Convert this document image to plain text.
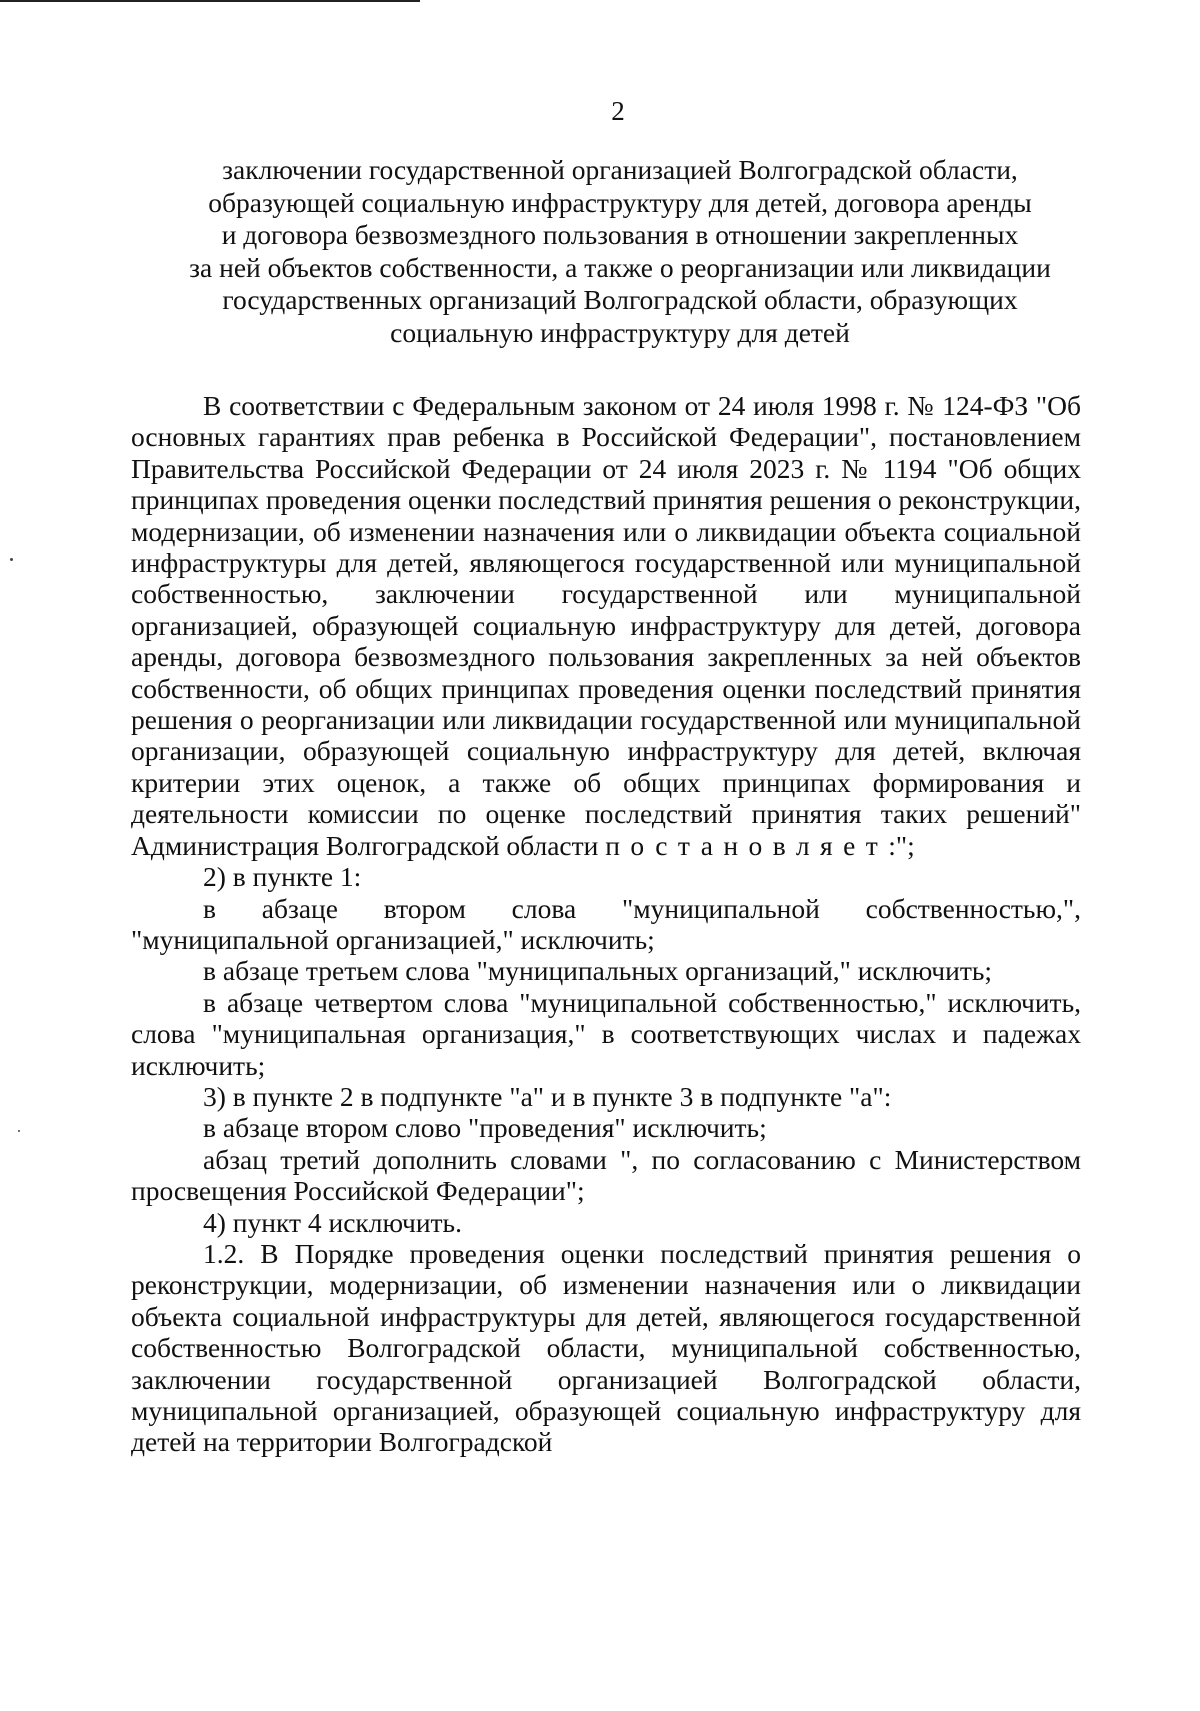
2
заключении государственной организацией Волгоградской области,
образующей социальную инфраструктуру для детей, договора аренды
и договора безвозмездного пользования в отношении закрепленных
за ней объектов собственности, а также о реорганизации или ликвидации
государственных организаций Волгоградской области, образующих
социальную инфраструктуру для детей

В соответствии с Федеральным законом от 24 июля 1998 г. № 124-ФЗ "Об основных гарантиях прав ребенка в Российской Федерации", постановлением Правительства Российской Федерации от 24 июля 2023 г. № 1194 "Об общих принципах проведения оценки последствий принятия решения о реконструкции, модернизации, об изменении назначения или о ликвидации объекта социальной инфраструктуры для детей, являющегося государственной или муниципальной собственностью, заключении государственной или муниципальной организацией, образующей социальную инфраструктуру для детей, договора аренды, договора безвозмездного пользования закрепленных за ней объектов собственности, об общих принципах проведения оценки последствий принятия решения о реорганизации или ликвидации государственной или муниципальной организации, образующей социальную инфраструктуру для детей, включая критерии этих оценок, а также об общих принципах формирования и деятельности комиссии по оценке последствий принятия таких решений" Администрация Волгоградской области постановляет:";

2) в пункте 1:

в абзаце втором слова "муниципальной собственностью,", "муниципальной организацией," исключить;

в абзаце третьем слова "муниципальных организаций," исключить;

в абзаце четвертом слова "муниципальной собственностью," исключить, слова "муниципальная организация," в соответствующих числах и падежах исключить;

3) в пункте 2 в подпункте "а" и в пункте 3 в подпункте "а":

в абзаце втором слово "проведения" исключить;

абзац третий дополнить словами ", по согласованию с Министерством просвещения Российской Федерации";

4) пункт 4 исключить.

1.2. В Порядке проведения оценки последствий принятия решения о реконструкции, модернизации, об изменении назначения или о ликвидации объекта социальной инфраструктуры для детей, являющегося государственной собственностью Волгоградской области, муниципальной собственностью, заключении государственной организацией Волгоградской области, муниципальной организацией, образующей социальную инфраструктуру для детей на территории Волгоградской
